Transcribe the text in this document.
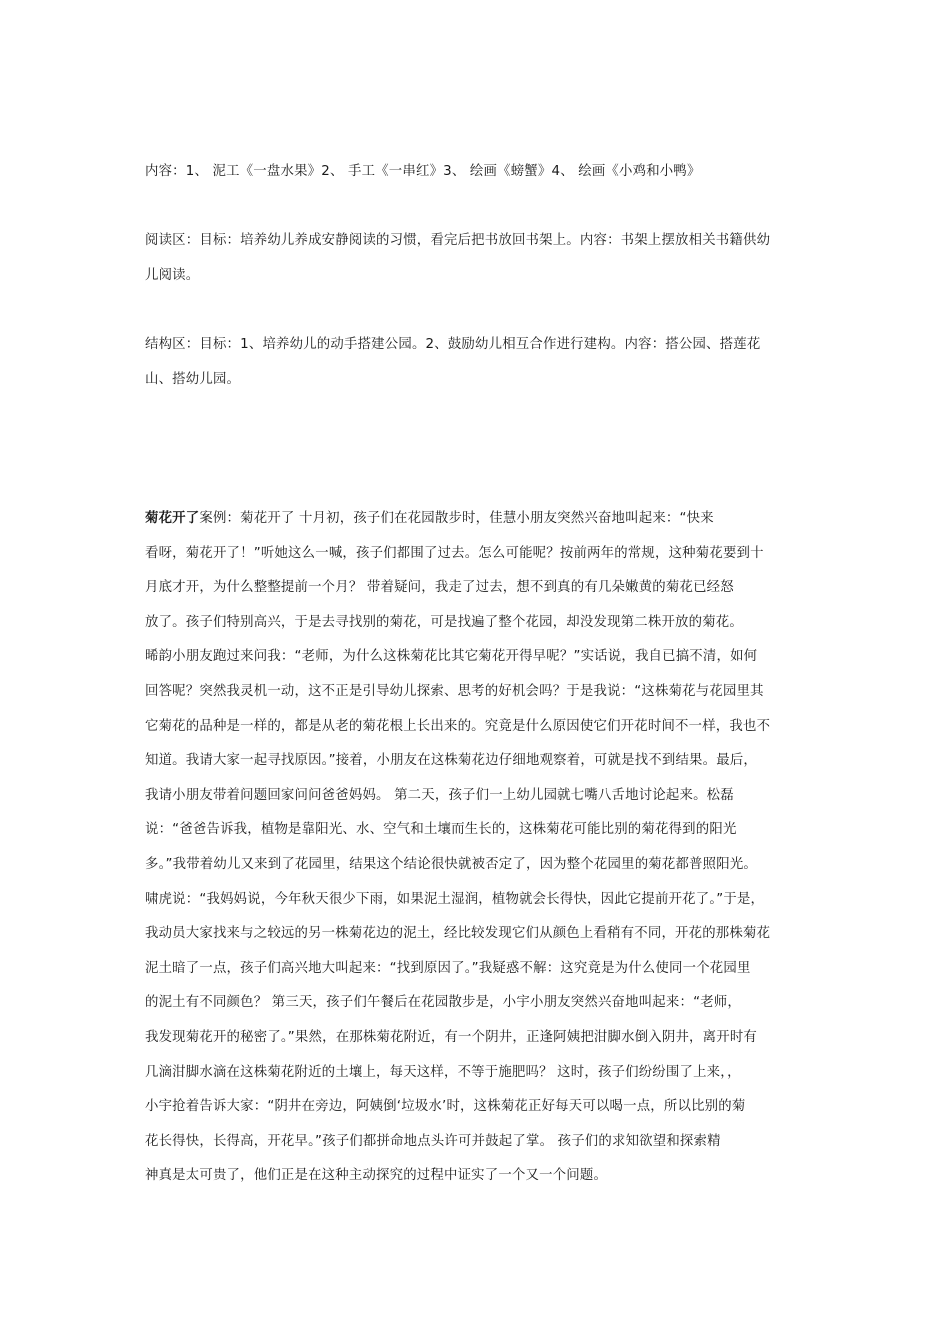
内容：1、 泥工《一盘水果》2、 手工《一串红》3、 绘画《螃蟹》4、 绘画《小鸡和小鸭》

阅读区：目标：培养幼儿养成安静阅读的习惯，看完后把书放回书架上。内容：书架上摆放相关书籍供幼
儿阅读。

结构区：目标：1、培养幼儿的动手搭建公园。2、鼓励幼儿相互合作进行建构。内容：搭公园、搭莲花
山、搭幼儿园。

菊花开了案例：菊花开了 十月初，孩子们在花园散步时，佳慧小朋友突然兴奋地叫起来：“快来
看呀，菊花开了！”听她这么一喊，孩子们都围了过去。怎么可能呢？按前两年的常规，这种菊花要到十
月底才开，为什么整整提前一个月？ 带着疑问，我走了过去，想不到真的有几朵嫩黄的菊花已经怒
放了。孩子们特别高兴，于是去寻找别的菊花，可是找遍了整个花园，却没发现第二株开放的菊花。
晞韵小朋友跑过来问我：“老师，为什么这株菊花比其它菊花开得早呢？”实话说，我自已搞不清，如何
回答呢？突然我灵机一动，这不正是引导幼儿探索、思考的好机会吗？于是我说：“这株菊花与花园里其
它菊花的品种是一样的，都是从老的菊花根上长出来的。究竟是什么原因使它们开花时间不一样，我也不
知道。我请大家一起寻找原因。”接着，小朋友在这株菊花边仔细地观察着，可就是找不到结果。最后，
我请小朋友带着问题回家问问爸爸妈妈。 第二天，孩子们一上幼儿园就七嘴八舌地讨论起来。松磊
说：“爸爸告诉我，植物是靠阳光、水、空气和土壤而生长的，这株菊花可能比别的菊花得到的阳光
多。”我带着幼儿又来到了花园里，结果这个结论很快就被否定了，因为整个花园里的菊花都普照阳光。
啸虎说：“我妈妈说，今年秋天很少下雨，如果泥土湿润，植物就会长得快，因此它提前开花了。”于是，
我动员大家找来与之较远的另一株菊花边的泥土，经比较发现它们从颜色上看稍有不同，开花的那株菊花
泥土暗了一点，孩子们高兴地大叫起来：“找到原因了。”我疑惑不解：这究竟是为什么使同一个花园里
的泥土有不同颜色？ 第三天，孩子们午餐后在花园散步是，小宇小朋友突然兴奋地叫起来：“老师，
我发现菊花开的秘密了。”果然，在那株菊花附近，有一个阴井，正逢阿姨把泔脚水倒入阴井，离开时有
几滴泔脚水滴在这株菊花附近的土壤上，每天这样，不等于施肥吗？ 这时，孩子们纷纷围了上来，，
小宇抢着告诉大家：“阴井在旁边，阿姨倒‘垃圾水’时，这株菊花正好每天可以喝一点，所以比别的菊
花长得快，长得高，开花早。”孩子们都拼命地点头许可并鼓起了掌。 孩子们的求知欲望和探索精
神真是太可贵了，他们正是在这种主动探究的过程中证实了一个又一个问题。
